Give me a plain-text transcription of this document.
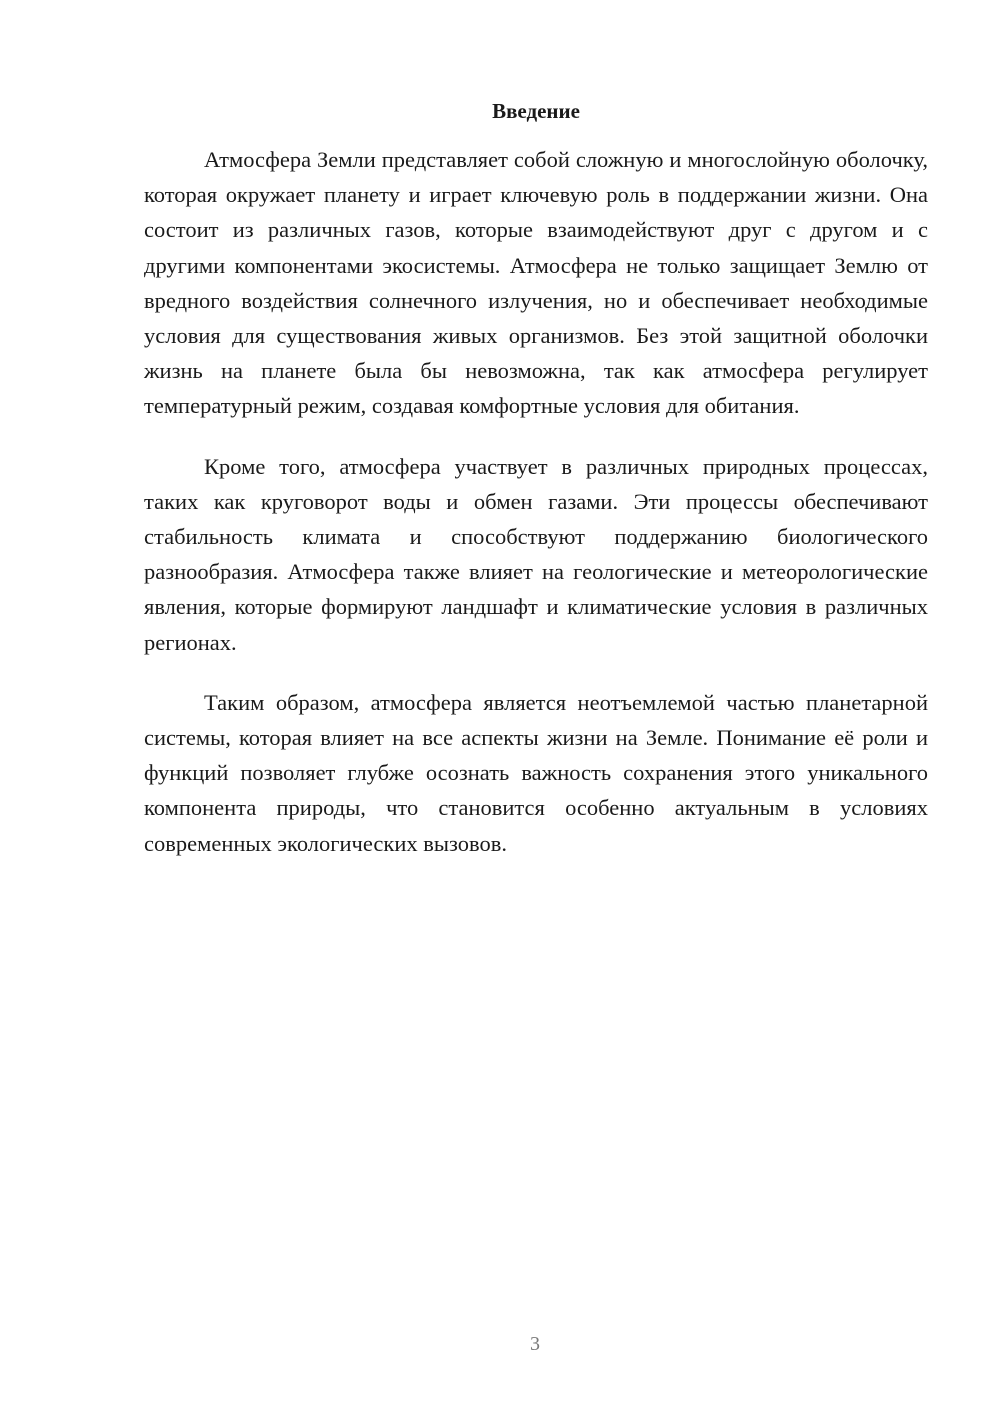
Введение

Атмосфера Земли представляет собой сложную и многослойную оболочку, которая окружает планету и играет ключевую роль в поддержании жизни. Она состоит из различных газов, которые взаимодействуют друг с другом и с другими компонентами экосистемы. Атмосфера не только защищает Землю от вредного воздействия солнечного излучения, но и обеспечивает необходимые условия для существования живых организмов. Без этой защитной оболочки жизнь на планете была бы невозможна, так как атмосфера регулирует температурный режим, создавая комфортные условия для обитания.

Кроме того, атмосфера участвует в различных природных процессах, таких как круговорот воды и обмен газами. Эти процессы обеспечивают стабильность климата и способствуют поддержанию биологического разнообразия. Атмосфера также влияет на геологические и метеорологические явления, которые формируют ландшафт и климатические условия в различных регионах.

Таким образом, атмосфера является неотъемлемой частью планетарной системы, которая влияет на все аспекты жизни на Земле. Понимание её роли и функций позволяет глубже осознать важность сохранения этого уникального компонента природы, что становится особенно актуальным в условиях современных экологических вызовов.

3
